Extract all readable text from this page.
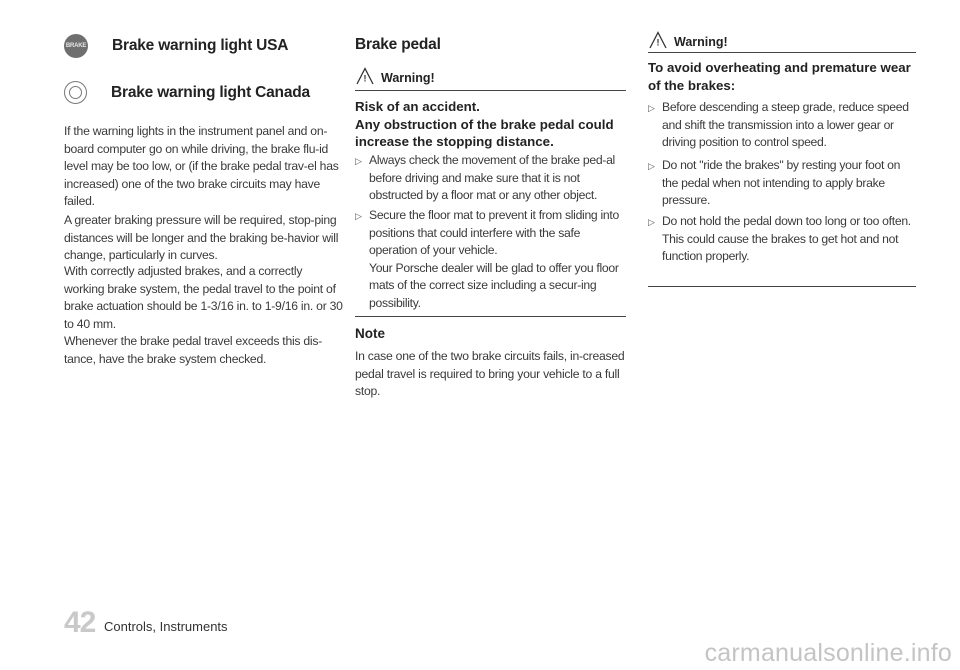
BRAKE Brake warning light USA
Brake warning light Canada

If the warning lights in the instrument panel and on-board computer go on while driving, the brake flu-id level may be too low, or (if the brake pedal trav-el has increased) one of the two brake circuits may have failed.

A greater braking pressure will be required, stop-ping distances will be longer and the braking be-havior will change, particularly in curves.

With correctly adjusted brakes, and a correctly working brake system, the pedal travel to the point of brake actuation should be 1-3/16 in. to 1-9/16 in. or 30 to 40 mm.
Whenever the brake pedal travel exceeds this dis-tance, have the brake system checked.

Brake pedal
! Warning!

Risk of an accident.
Any obstruction of the brake pedal could increase the stopping distance.

▷ Always check the movement of the brake ped-al before driving and make sure that it is not obstructed by a floor mat or any other object.
▷ Secure the floor mat to prevent it from sliding into positions that could interfere with the safe operation of your vehicle.
Your Porsche dealer will be glad to offer you floor mats of the correct size including a secur-ing possibility.
Note

In case one of the two brake circuits fails, in-creased pedal travel is required to bring your vehicle to a full stop.

! Warning!

To avoid overheating and premature wear of the brakes:

▷ Before descending a steep grade, reduce speed and shift the transmission into a lower gear or driving position to control speed.
▷ Do not "ride the brakes" by resting your foot on the pedal when not intending to apply brake pressure.
▷ Do not hold the pedal down too long or too often.
This could cause the brakes to get hot and not function properly.
42 Controls, Instruments
carmanualsonline.info
